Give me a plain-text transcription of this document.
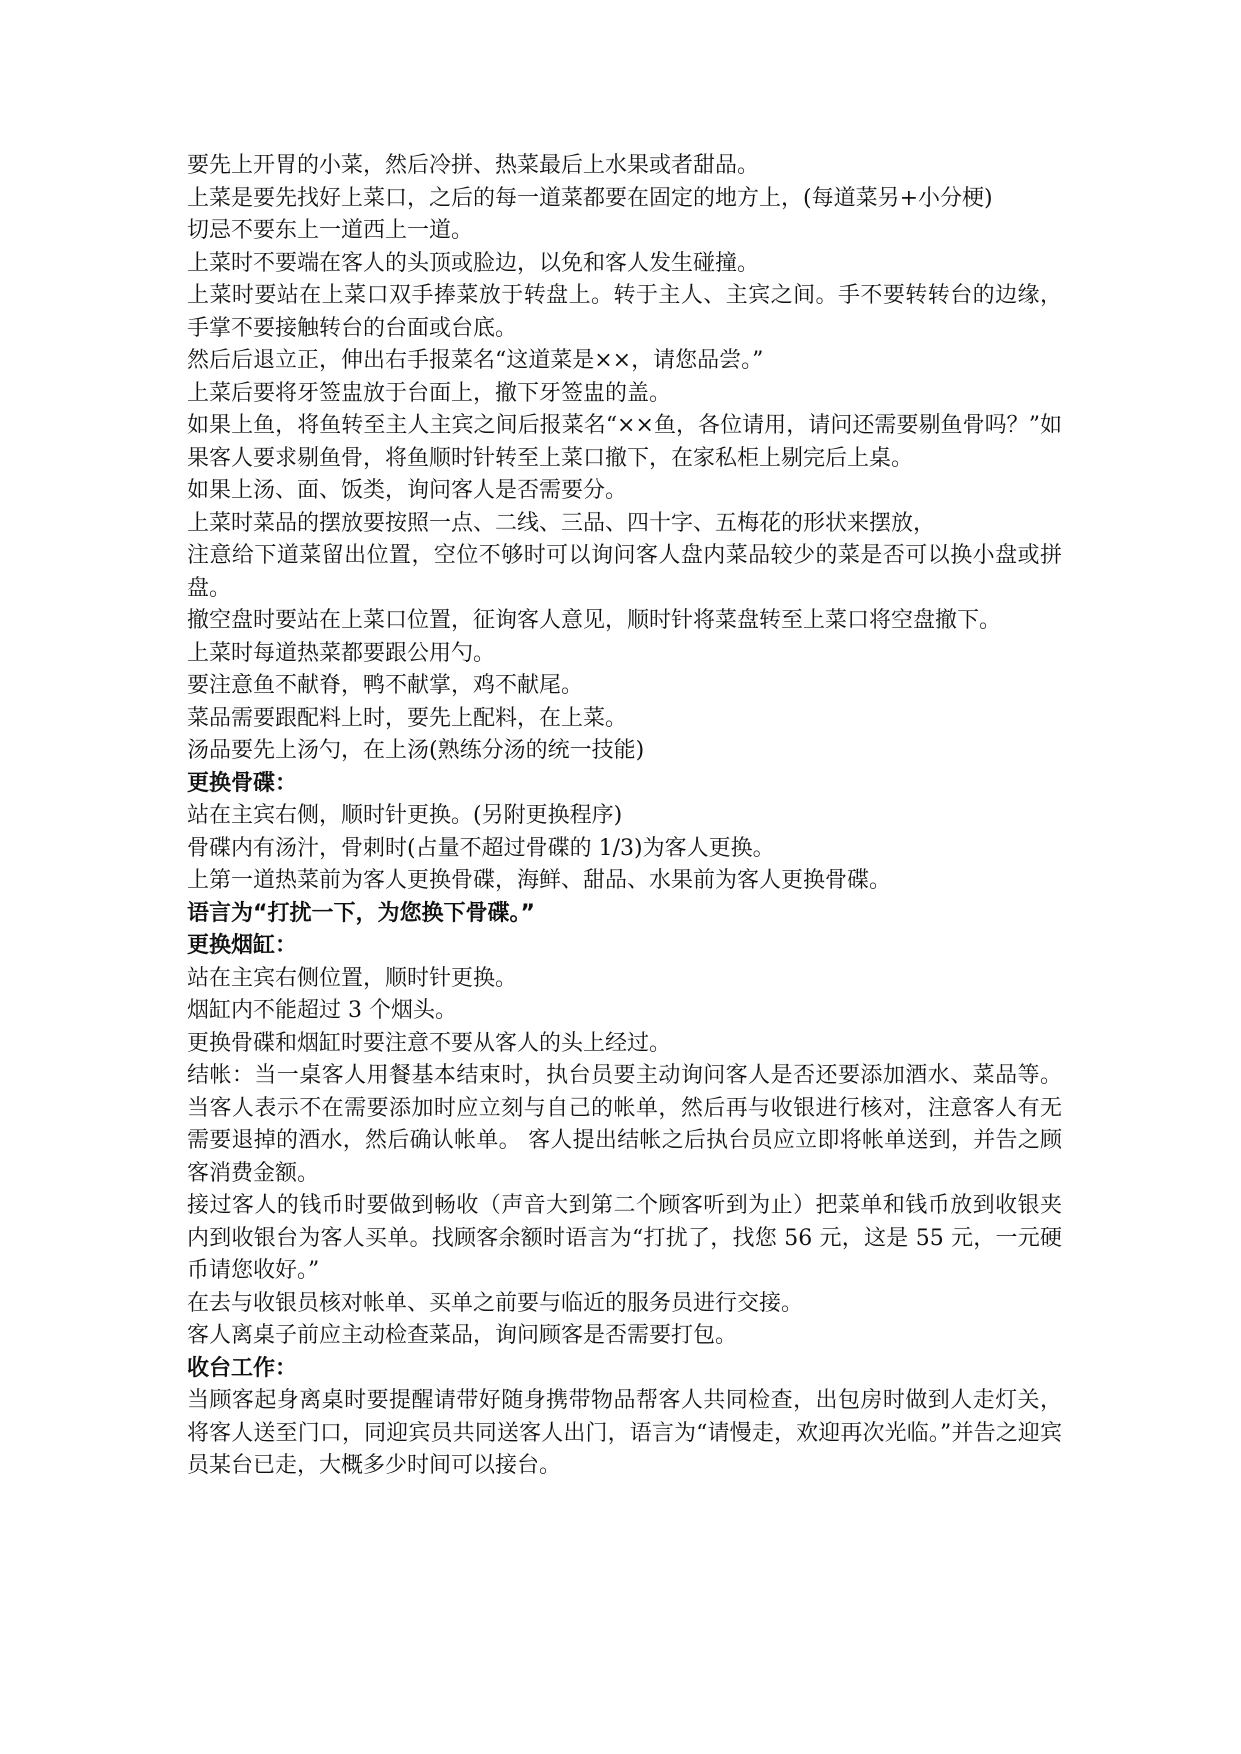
要先上开胃的小菜，然后冷拼、热菜最后上水果或者甜品。

上菜是要先找好上菜口，之后的每一道菜都要在固定的地方上，(每道菜另+小分梗)

切忌不要东上一道西上一道。

上菜时不要端在客人的头顶或脸边，以免和客人发生碰撞。

上菜时要站在上菜口双手捧菜放于转盘上。转于主人、主宾之间。手不要转转台的边缘，手掌不要接触转台的台面或台底。

然后后退立正，伸出右手报菜名“这道菜是××，请您品尝。”

上菜后要将牙签盅放于台面上，撤下牙签盅的盖。

如果上鱼，将鱼转至主人主宾之间后报菜名“××鱼，各位请用，请问还需要剔鱼骨吗？”如果客人要求剔鱼骨，将鱼顺时针转至上菜口撤下，在家私柜上剔完后上桌。

如果上汤、面、饭类，询问客人是否需要分。

上菜时菜品的摆放要按照一点、二线、三品、四十字、五梅花的形状来摆放，

注意给下道菜留出位置，空位不够时可以询问客人盘内菜品较少的菜是否可以换小盘或拼盘。

撤空盘时要站在上菜口位置，征询客人意见，顺时针将菜盘转至上菜口将空盘撤下。

上菜时每道热菜都要跟公用勺。

要注意鱼不献脊，鸭不献掌，鸡不献尾。

菜品需要跟配料上时，要先上配料，在上菜。

汤品要先上汤勺，在上汤(熟练分汤的统一技能)

更换骨碟：

站在主宾右侧，顺时针更换。(另附更换程序)

骨碟内有汤汁，骨刺时(占量不超过骨碟的 1/3)为客人更换。

上第一道热菜前为客人更换骨碟，海鲜、甜品、水果前为客人更换骨碟。

语言为“打扰一下，为您换下骨碟。”

更换烟缸：

站在主宾右侧位置，顺时针更换。

烟缸内不能超过 3 个烟头。

更换骨碟和烟缸时要注意不要从客人的头上经过。

结帐：当一桌客人用餐基本结束时，执台员要主动询问客人是否还要添加酒水、菜品等。当客人表示不在需要添加时应立刻与自己的帐单，然后再与收银进行核对，注意客人有无需要退掉的酒水，然后确认帐单。 客人提出结帐之后执台员应立即将帐单送到，并告之顾客消费金额。

接过客人的钱币时要做到畅收（声音大到第二个顾客听到为止）把菜单和钱币放到收银夹内到收银台为客人买单。找顾客余额时语言为“打扰了，找您 56 元，这是 55 元，一元硬币请您收好。”

在去与收银员核对帐单、买单之前要与临近的服务员进行交接。

客人离桌子前应主动检查菜品，询问顾客是否需要打包。

收台工作：

当顾客起身离桌时要提醒请带好随身携带物品帮客人共同检查，出包房时做到人走灯关，将客人送至门口，同迎宾员共同送客人出门，语言为“请慢走，欢迎再次光临。”并告之迎宾员某台已走，大概多少时间可以接台。
